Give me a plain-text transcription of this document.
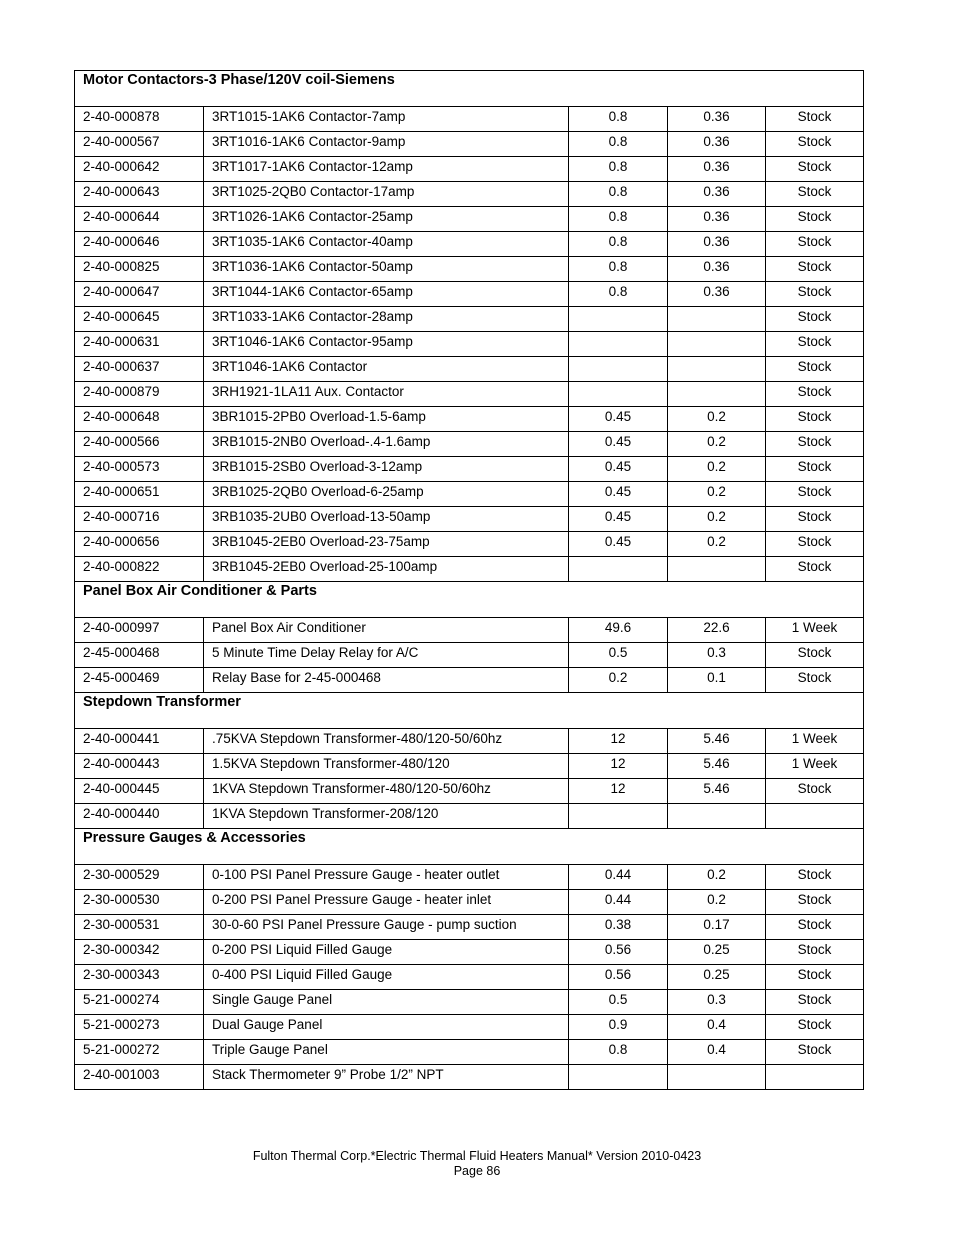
Motor Contactors-3 Phase/120V coil-Siemens				
2-40-000878	3RT1015-1AK6 Contactor-7amp	0.8	0.36	Stock
2-40-000567	3RT1016-1AK6 Contactor-9amp	0.8	0.36	Stock
2-40-000642	3RT1017-1AK6 Contactor-12amp	0.8	0.36	Stock
2-40-000643	3RT1025-2QB0 Contactor-17amp	0.8	0.36	Stock
2-40-000644	3RT1026-1AK6 Contactor-25amp	0.8	0.36	Stock
2-40-000646	3RT1035-1AK6 Contactor-40amp	0.8	0.36	Stock
2-40-000825	3RT1036-1AK6 Contactor-50amp	0.8	0.36	Stock
2-40-000647	3RT1044-1AK6 Contactor-65amp	0.8	0.36	Stock
2-40-000645	3RT1033-1AK6 Contactor-28amp			Stock
2-40-000631	3RT1046-1AK6 Contactor-95amp			Stock
2-40-000637	3RT1046-1AK6 Contactor			Stock
2-40-000879	3RH1921-1LA11 Aux. Contactor			Stock
2-40-000648	3BR1015-2PB0 Overload-1.5-6amp	0.45	0.2	Stock
2-40-000566	3RB1015-2NB0 Overload-.4-1.6amp	0.45	0.2	Stock
2-40-000573	3RB1015-2SB0 Overload-3-12amp	0.45	0.2	Stock
2-40-000651	3RB1025-2QB0 Overload-6-25amp	0.45	0.2	Stock
2-40-000716	3RB1035-2UB0 Overload-13-50amp	0.45	0.2	Stock
2-40-000656	3RB1045-2EB0 Overload-23-75amp	0.45	0.2	Stock
2-40-000822	3RB1045-2EB0 Overload-25-100amp			Stock
Panel Box Air Conditioner & Parts				
2-40-000997	Panel Box Air Conditioner	49.6	22.6	1 Week
2-45-000468	5 Minute Time Delay Relay for A/C	0.5	0.3	Stock
2-45-000469	Relay Base for 2-45-000468	0.2	0.1	Stock
Stepdown Transformer				
2-40-000441	.75KVA Stepdown Transformer-480/120-50/60hz	12	5.46	1 Week
2-40-000443	1.5KVA Stepdown Transformer-480/120	12	5.46	1 Week
2-40-000445	1KVA Stepdown Transformer-480/120-50/60hz	12	5.46	Stock
2-40-000440	1KVA Stepdown Transformer-208/120			
Pressure Gauges & Accessories				
2-30-000529	0-100 PSI Panel Pressure Gauge - heater outlet	0.44	0.2	Stock
2-30-000530	0-200 PSI Panel Pressure Gauge - heater inlet	0.44	0.2	Stock
2-30-000531	30-0-60 PSI Panel Pressure Gauge - pump suction	0.38	0.17	Stock
2-30-000342	0-200 PSI Liquid Filled Gauge	0.56	0.25	Stock
2-30-000343	0-400 PSI Liquid Filled Gauge	0.56	0.25	Stock
5-21-000274	Single Gauge Panel	0.5	0.3	Stock
5-21-000273	Dual Gauge Panel	0.9	0.4	Stock
5-21-000272	Triple Gauge Panel	0.8	0.4	Stock
2-40-001003	Stack Thermometer 9” Probe 1/2” NPT			
Fulton Thermal Corp.*Electric Thermal Fluid Heaters Manual* Version 2010-0423
Page 86
